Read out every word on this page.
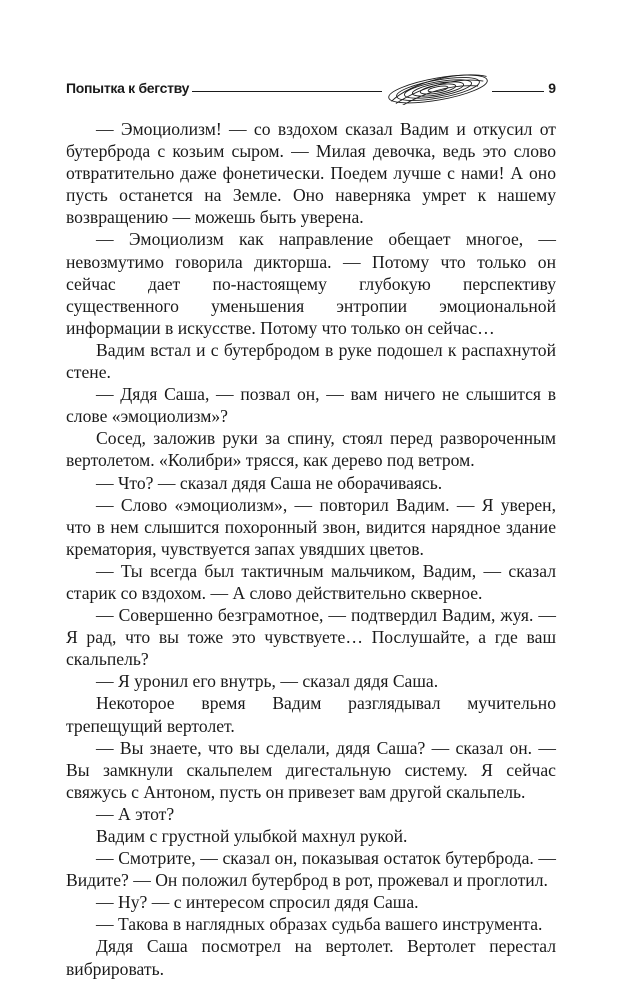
Попытка к бегству	9

— Эмоциолизм! — со вздохом сказал Вадим и откусил от бутерброда с козьим сыром. — Милая девочка, ведь это слово отвратительно даже фонетически. Поедем лучше с нами! А оно пусть останется на Земле. Оно наверняка умрет к нашему возвращению — можешь быть уверена.

— Эмоциолизм как направление обещает многое, — невозмутимо говорила дикторша. — Потому что только он сейчас дает по-настоящему глубокую перспективу существенного уменьшения энтропии эмоциональной информации в искусстве. Потому что только он сейчас…

Вадим встал и с бутербродом в руке подошел к распахнутой стене.

— Дядя Саша, — позвал он, — вам ничего не слышится в слове «эмоциолизм»?

Сосед, заложив руки за спину, стоял перед развороченным вертолетом. «Колибри» трясся, как дерево под ветром.

— Что? — сказал дядя Саша не оборачиваясь.

— Слово «эмоциолизм», — повторил Вадим. — Я уверен, что в нем слышится похоронный звон, видится нарядное здание крематория, чувствуется запах увядших цветов.

— Ты всегда был тактичным мальчиком, Вадим, — сказал старик со вздохом. — А слово действительно скверное.

— Совершенно безграмотное, — подтвердил Вадим, жуя. — Я рад, что вы тоже это чувствуете… Послушайте, а где ваш скальпель?

— Я уронил его внутрь, — сказал дядя Саша.

Некоторое время Вадим разглядывал мучительно трепещущий вертолет.

— Вы знаете, что вы сделали, дядя Саша? — сказал он. — Вы замкнули скальпелем дигестальную систему. Я сейчас свяжусь с Антоном, пусть он привезет вам другой скальпель.

— А этот?

Вадим с грустной улыбкой махнул рукой.

— Смотрите, — сказал он, показывая остаток бутерброда. — Видите? — Он положил бутерброд в рот, прожевал и проглотил.

— Ну? — с интересом спросил дядя Саша.

— Такова в наглядных образах судьба вашего инструмента.

Дядя Саша посмотрел на вертолет. Вертолет перестал вибрировать.
